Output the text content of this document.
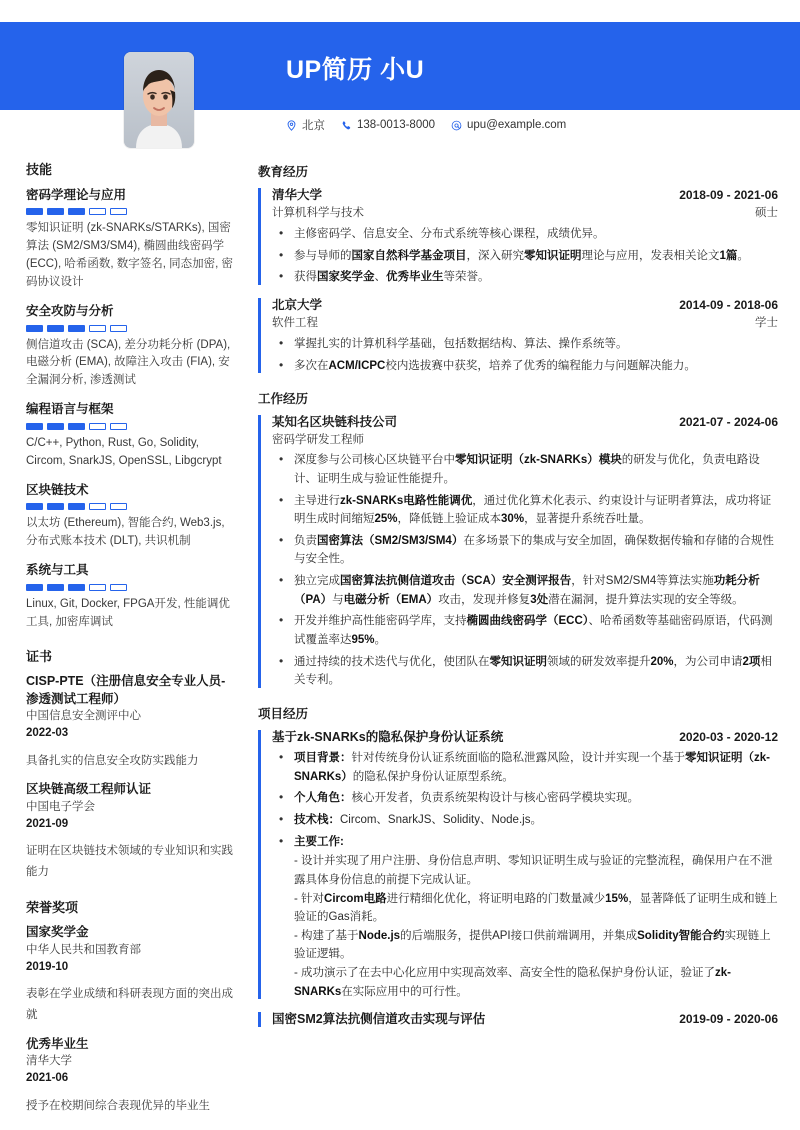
UP简历 小U
北京	138-0013-8000	upu@example.com
技能
密码学理论与应用
零知识证明 (zk-SNARKs/STARKs), 国密算法 (SM2/SM3/SM4), 椭圆曲线密码学 (ECC), 哈希函数, 数字签名, 同态加密, 密码协议设计
安全攻防与分析
侧信道攻击 (SCA), 差分功耗分析 (DPA), 电磁分析 (EMA), 故障注入攻击 (FIA), 安全漏洞分析, 渗透测试
编程语言与框架
C/C++, Python, Rust, Go, Solidity, Circom, SnarkJS, OpenSSL, Libgcrypt
区块链技术
以太坊 (Ethereum), 智能合约, Web3.js, 分布式账本技术 (DLT), 共识机制
系统与工具
Linux, Git, Docker, FPGA开发, 性能调优工具, 加密库调试
证书
CISP-PTE（注册信息安全专业人员-渗透测试工程师）
中国信息安全测评中心
2022-03
具备扎实的信息安全攻防实践能力
区块链高级工程师认证
中国电子学会
2021-09
证明在区块链技术领域的专业知识和实践能力
荣誉奖项
国家奖学金
中华人民共和国教育部
2019-10
表彰在学业成绩和科研表现方面的突出成就
优秀毕业生
清华大学
2021-06
授予在校期间综合表现优异的毕业生
教育经历
清华大学	2018-09 - 2021-06
计算机科学与技术	硕士
• 主修密码学、信息安全、分布式系统等核心课程，成绩优异。
• 参与导师的国家自然科学基金项目，深入研究零知识证明理论与应用，发表相关论文1篇。
• 获得国家奖学金、优秀毕业生等荣誉。
北京大学	2014-09 - 2018-06
软件工程	学士
• 掌握扎实的计算机科学基础，包括数据结构、算法、操作系统等。
• 多次在ACM/ICPC校内选拔赛中获奖，培养了优秀的编程能力与问题解决能力。
工作经历
某知名区块链科技公司	2021-07 - 2024-06
密码学研发工程师
• 深度参与公司核心区块链平台中零知识证明（zk-SNARKs）模块的研发与优化，负责电路设计、证明生成与验证性能提升。
• 主导进行zk-SNARKs电路性能调优，通过优化算术化表示、约束设计与证明者算法，成功将证明生成时间缩短25%，降低链上验证成本30%，显著提升系统吞吐量。
• 负责国密算法（SM2/SM3/SM4）在多场景下的集成与安全加固，确保数据传输和存储的合规性与安全性。
• 独立完成国密算法抗侧信道攻击（SCA）安全测评报告，针对SM2/SM4等算法实施功耗分析（PA）与电磁分析（EMA）攻击，发现并修复3处潜在漏洞，提升算法实现的安全等级。
• 开发并维护高性能密码学库，支持椭圆曲线密码学（ECC）、哈希函数等基础密码原语，代码测试覆盖率达95%。
• 通过持续的技术迭代与优化，使团队在零知识证明领域的研发效率提升20%，为公司申请2项相关专利。
项目经历
基于zk-SNARKs的隐私保护身份认证系统	2020-03 - 2020-12
• 项目背景：针对传统身份认证系统面临的隐私泄露风险，设计并实现一个基于零知识证明（zk-SNARKs）的隐私保护身份认证原型系统。
• 个人角色：核心开发者，负责系统架构设计与核心密码学模块实现。
• 技术栈：Circom、SnarkJS、Solidity、Node.js。
• 主要工作:
- 设计并实现了用户注册、身份信息声明、零知识证明生成与验证的完整流程，确保用户在不泄露具体身份信息的前提下完成认证。
- 针对Circom电路进行精细化优化，将证明电路的门数量减少15%，显著降低了证明生成和链上验证的Gas消耗。
- 构建了基于Node.js的后端服务，提供API接口供前端调用，并集成Solidity智能合约实现链上验证逻辑。
- 成功演示了在去中心化应用中实现高效率、高安全性的隐私保护身份认证，验证了zk-SNARKs在实际应用中的可行性。
国密SM2算法抗侧信道攻击实现与评估	2019-09 - 2020-06
